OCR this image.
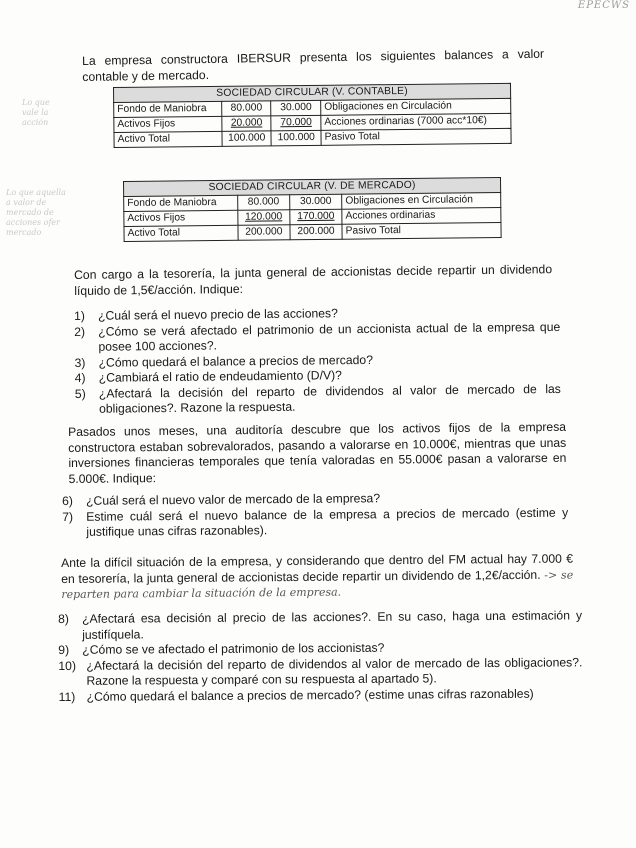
EPECWS
Lo que
vale la
acción
Lo que aquella
a valor de
mercado de
acciones ofer
mercado
La empresa constructora IBERSUR presenta los siguientes balances a valor contable y de mercado.
SOCIEDAD CIRCULAR (V. CONTABLE)			
Fondo de Maniobra	80.000	30.000	Obligaciones en Circulación
Activos Fijos	20.000	70.000	Acciones ordinarias (7000 acc*10€)
Activo Total	100.000	100.000	Pasivo Total
SOCIEDAD CIRCULAR (V. DE MERCADO)			
Fondo de Maniobra	80.000	30.000	Obligaciones en Circulación
Activos Fijos	120.000	170.000	Acciones ordinarias
Activo Total	200.000	200.000	Pasivo Total
Con cargo a la tesorería, la junta general de accionistas decide repartir un dividendo líquido de 1,5€/acción. Indique:
1) ¿Cuál será el nuevo precio de las acciones?
2) ¿Cómo se verá afectado el patrimonio de un accionista actual de la empresa que posee 100 acciones?.
3) ¿Cómo quedará el balance a precios de mercado?
4) ¿Cambiará el ratio de endeudamiento (D/V)?
5) ¿Afectará la decisión del reparto de dividendos al valor de mercado de las obligaciones?. Razone la respuesta.
Pasados unos meses, una auditoría descubre que los activos fijos de la empresa constructora estaban sobrevalorados, pasando a valorarse en 10.000€, mientras que unas inversiones financieras temporales que tenía valoradas en 55.000€ pasan a valorarse en 5.000€. Indique:
6) ¿Cuál será el nuevo valor de mercado de la empresa?
7) Estime cuál será el nuevo balance de la empresa a precios de mercado (estime y justifique unas cifras razonables).
Ante la difícil situación de la empresa, y considerando que dentro del FM actual hay 7.000 € en tesorería, la junta general de accionistas decide repartir un dividendo de 1,2€/acción. -> se reparten para cambiar la situación de la empresa.
8) ¿Afectará esa decisión al precio de las acciones?. En su caso, haga una estimación y justifíquela.
9) ¿Cómo se ve afectado el patrimonio de los accionistas?
10) ¿Afectará la decisión del reparto de dividendos al valor de mercado de las obligaciones?. Razone la respuesta y comparé con su respuesta al apartado 5).
11) ¿Cómo quedará el balance a precios de mercado? (estime unas cifras razonables)
